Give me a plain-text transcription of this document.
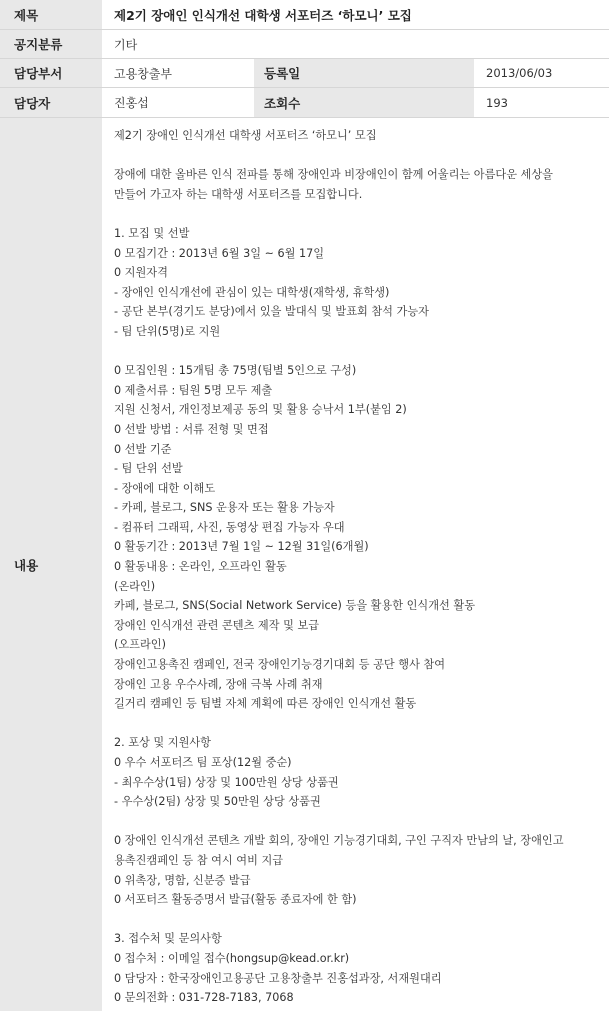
제목	제2기 장애인 인식개선 대학생 서포터즈 ‘하모니’ 모집
공지분류	기타
담당부서	고용창출부	등록일	2013/06/03
담당자	진홍섭	조회수	193
내용
제2기 장애인 인식개선 대학생 서포터즈 ‘하모니’ 모집

장애에 대한 올바른 인식 전파를 통해 장애인과 비장애인이 함께 어울리는 아름다운 세상을
만들어 가고자 하는 대학생 서포터즈를 모집합니다.

1. 모집 및 선발
0 모집기간 : 2013년 6월 3일 ~ 6월 17일
0 지원자격
- 장애인 인식개선에 관심이 있는 대학생(재학생, 휴학생)
- 공단 본부(경기도 분당)에서 있을 발대식 및 발표회 참석 가능자
- 팀 단위(5명)로 지원

0 모집인원 : 15개팀 총 75명(팀별 5인으로 구성)
0 제출서류 : 팀원 5명 모두 제출
지원 신청서, 개인정보제공 동의 및 활용 승낙서 1부(붙임 2)
0 선발 방법 : 서류 전형 및 면접
0 선발 기준
- 팀 단위 선발
- 장애에 대한 이해도
- 카페, 블로그, SNS 운용자 또는 활용 가능자
- 컴퓨터 그래픽, 사진, 동영상 편집 가능자 우대
0 활동기간 : 2013년 7월 1일 ~ 12월 31일(6개월)
0 활동내용 : 온라인, 오프라인 활동
(온라인)
카페, 블로그, SNS(Social Network Service) 등을 활용한 인식개선 활동
장애인 인식개선 관련 콘텐츠 제작 및 보급
(오프라인)
장애인고용촉진 캠페인, 전국 장애인기능경기대회 등 공단 행사 참여
장애인 고용 우수사례, 장애 극복 사례 취재
길거리 캠페인 등 팀별 자체 계획에 따른 장애인 인식개선 활동

2. 포상 및 지원사항
0 우수 서포터즈 팀 포상(12월 중순)
- 최우수상(1팀) 상장 및 100만원 상당 상품권
- 우수상(2팀) 상장 및 50만원 상당 상품권

0 장애인 인식개선 콘텐츠 개발 회의, 장애인 기능경기대회, 구인 구직자 만남의 날, 장애인고
용촉진캠페인 등 참 여시 여비 지급
0 위촉장, 명함, 신분증 발급
0 서포터즈 활동증명서 발급(활동 종료자에 한 함)

3. 접수처 및 문의사항
0 접수처 : 이메일 접수(hongsup@kead.or.kr)
0 담당자 : 한국장애인고용공단 고용창출부 진홍섭과장, 서재원대리
0 문의전화 : 031-728-7183, 7068
